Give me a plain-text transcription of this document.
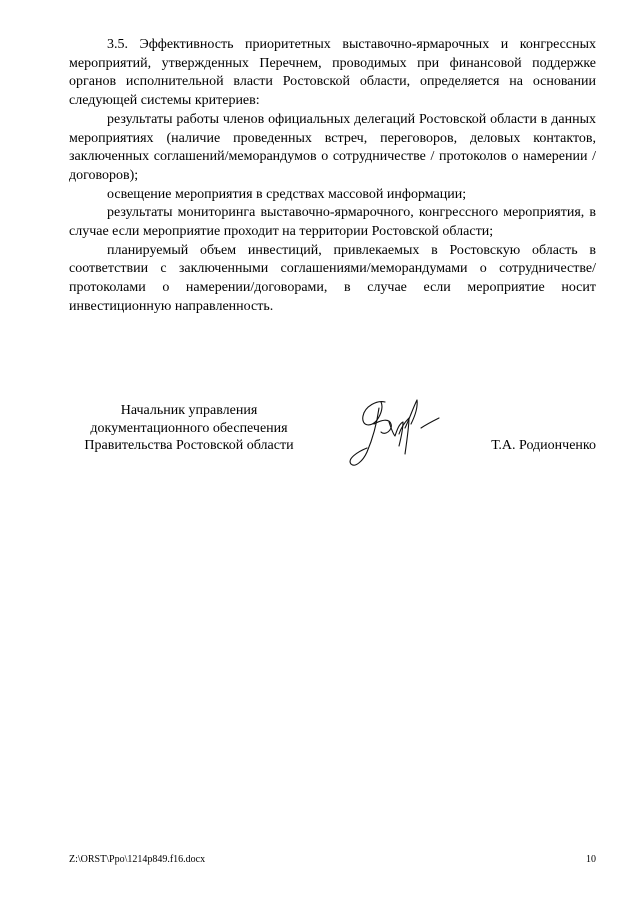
3.5. Эффективность приоритетных выставочно-ярмарочных и конгрессных мероприятий, утвержденных Перечнем, проводимых при финансовой поддержке органов исполнительной власти Ростовской области, определяется на основании следующей системы критериев:

результаты работы членов официальных делегаций Ростовской области в данных мероприятиях (наличие проведенных встреч, переговоров, деловых контактов, заключенных соглашений/меморандумов о сотрудничестве / протоколов о намерении / договоров);

освещение мероприятия в средствах массовой информации;

результаты мониторинга выставочно-ярмарочного, конгрессного мероприятия, в случае если мероприятие проходит на территории Ростовской области;

планируемый объем инвестиций, привлекаемых в Ростовскую область в соответствии с заключенными соглашениями/меморандумами о сотрудничестве/протоколами о намерении/договорами, в случае если мероприятие носит инвестиционную направленность.

Начальник управления
документационного обеспечения
Правительства Ростовской области	Т.А. Родионченко
Z:\ORST\Ppo\1214p849.f16.docx	10
